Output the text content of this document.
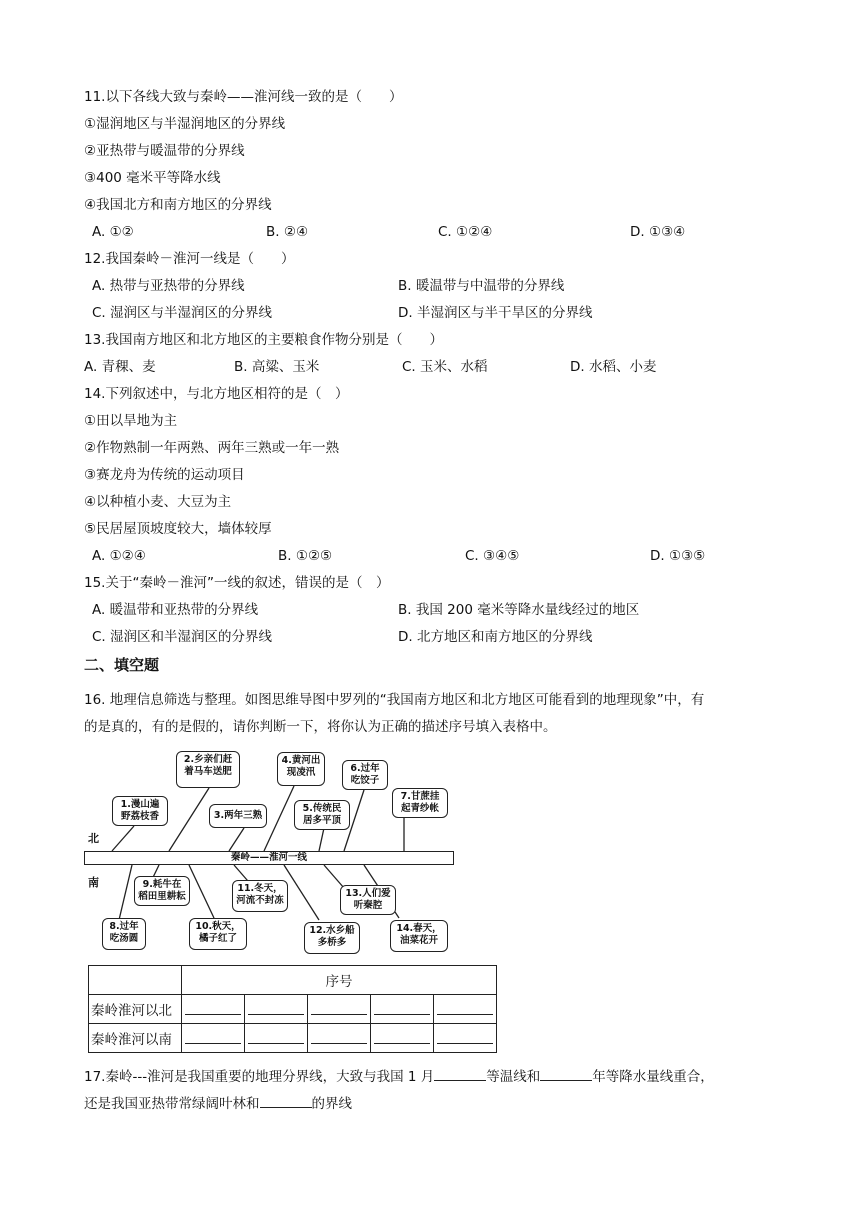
11.以下各线大致与秦岭——淮河线一致的是（　　）
①湿润地区与半湿润地区的分界线
②亚热带与暖温带的分界线
③400 毫米平等降水线
④我国北方和南方地区的分界线
A. ①②	B. ②④	C. ①②④	D. ①③④
12.我国秦岭－淮河一线是（　　）
A. 热带与亚热带的分界线	B. 暖温带与中温带的分界线
C. 湿润区与半湿润区的分界线	D. 半湿润区与半干旱区的分界线
13.我国南方地区和北方地区的主要粮食作物分别是（　　）
A. 青稞、麦	B. 高粱、玉米	C. 玉米、水稻	D. 水稻、小麦
14.下列叙述中，与北方地区相符的是（　）
①田以旱地为主
②作物熟制一年两熟、两年三熟或一年一熟
③赛龙舟为传统的运动项目
④以种植小麦、大豆为主
⑤民居屋顶坡度较大，墙体较厚
A. ①②④	B. ①②⑤	C. ③④⑤	D. ①③⑤
15.关于“秦岭－淮河”一线的叙述，错误的是（　）
A. 暖温带和亚热带的分界线	B. 我国 200 毫米等降水量线经过的地区
C. 湿润区和半湿润区的分界线	D. 北方地区和南方地区的分界线
二、填空题
16. 地理信息筛选与整理。如图思维导图中罗列的“我国南方地区和北方地区可能看到的地理现象”中，有
的是真的，有的是假的，请你判断一下，将你认为正确的描述序号填入表格中。
北
南
秦岭——淮河一线
1.漫山遍野荔枝香
2.乡亲们赶着马车送肥
3.两年三熟
4.黄河出现凌汛
5.传统民居多平顶
6.过年吃饺子
7.甘蔗挂起青纱帐
8.过年吃汤圆
9.耗牛在稻田里耕耘
10.秋天，橘子红了
11.冬天，河流不封冻
12.水乡船多桥多
13.人们爱听秦腔
14.春天，油菜花开
	序号				
秦岭淮河以北					
秦岭淮河以南					
17.秦岭---淮河是我国重要的地理分界线，大致与我国 1 月	等温线和	年等降水量线重合，
还是我国亚热带常绿阔叶林和	的界线
